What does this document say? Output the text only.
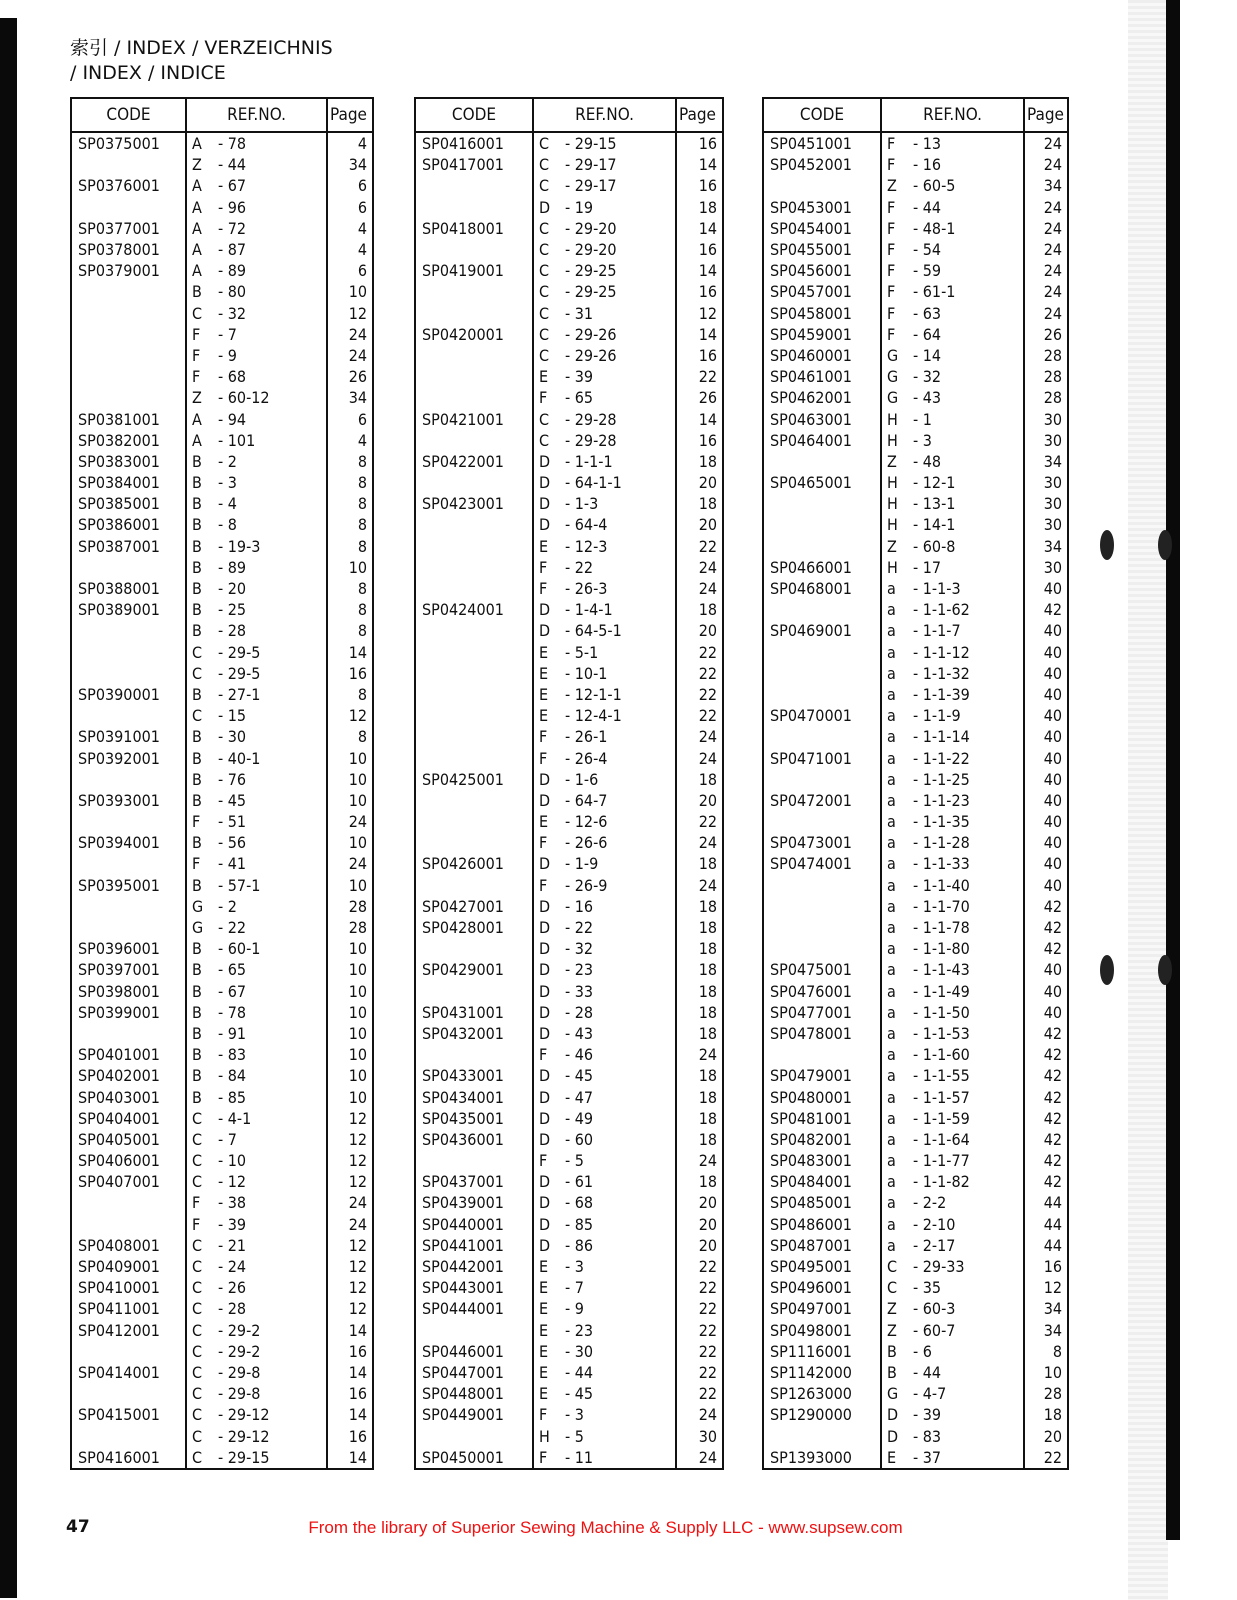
索引 / INDEX / VERZEICHNIS
/ INDEX / INDICE
CODE	REF.NO.		Page
SP0375001	A	- 78	4
	Z	- 44	34
SP0376001	A	- 67	6
	A	- 96	6
SP0377001	A	- 72	4
SP0378001	A	- 87	4
SP0379001	A	- 89	6
	B	- 80	10
	C	- 32	12
	F	- 7	24
	F	- 9	24
	F	- 68	26
	Z	- 60-12	34
SP0381001	A	- 94	6
SP0382001	A	- 101	4
SP0383001	B	- 2	8
SP0384001	B	- 3	8
SP0385001	B	- 4	8
SP0386001	B	- 8	8
SP0387001	B	- 19-3	8
	B	- 89	10
SP0388001	B	- 20	8
SP0389001	B	- 25	8
	B	- 28	8
	C	- 29-5	14
	C	- 29-5	16
SP0390001	B	- 27-1	8
	C	- 15	12
SP0391001	B	- 30	8
SP0392001	B	- 40-1	10
	B	- 76	10
SP0393001	B	- 45	10
	F	- 51	24
SP0394001	B	- 56	10
	F	- 41	24
SP0395001	B	- 57-1	10
	G	- 2	28
	G	- 22	28
SP0396001	B	- 60-1	10
SP0397001	B	- 65	10
SP0398001	B	- 67	10
SP0399001	B	- 78	10
	B	- 91	10
SP0401001	B	- 83	10
SP0402001	B	- 84	10
SP0403001	B	- 85	10
SP0404001	C	- 4-1	12
SP0405001	C	- 7	12
SP0406001	C	- 10	12
SP0407001	C	- 12	12
	F	- 38	24
	F	- 39	24
SP0408001	C	- 21	12
SP0409001	C	- 24	12
SP0410001	C	- 26	12
SP0411001	C	- 28	12
SP0412001	C	- 29-2	14
	C	- 29-2	16
SP0414001	C	- 29-8	14
	C	- 29-8	16
SP0415001	C	- 29-12	14
	C	- 29-12	16
SP0416001	C	- 29-15	14
CODE	REF.NO.		Page
SP0416001	C	- 29-15	16
SP0417001	C	- 29-17	14
	C	- 29-17	16
	D	- 19	18
SP0418001	C	- 29-20	14
	C	- 29-20	16
SP0419001	C	- 29-25	14
	C	- 29-25	16
	C	- 31	12
SP0420001	C	- 29-26	14
	C	- 29-26	16
	E	- 39	22
	F	- 65	26
SP0421001	C	- 29-28	14
	C	- 29-28	16
SP0422001	D	- 1-1-1	18
	D	- 64-1-1	20
SP0423001	D	- 1-3	18
	D	- 64-4	20
	E	- 12-3	22
	F	- 22	24
	F	- 26-3	24
SP0424001	D	- 1-4-1	18
	D	- 64-5-1	20
	E	- 5-1	22
	E	- 10-1	22
	E	- 12-1-1	22
	E	- 12-4-1	22
	F	- 26-1	24
	F	- 26-4	24
SP0425001	D	- 1-6	18
	D	- 64-7	20
	E	- 12-6	22
	F	- 26-6	24
SP0426001	D	- 1-9	18
	F	- 26-9	24
SP0427001	D	- 16	18
SP0428001	D	- 22	18
	D	- 32	18
SP0429001	D	- 23	18
	D	- 33	18
SP0431001	D	- 28	18
SP0432001	D	- 43	18
	F	- 46	24
SP0433001	D	- 45	18
SP0434001	D	- 47	18
SP0435001	D	- 49	18
SP0436001	D	- 60	18
	F	- 5	24
SP0437001	D	- 61	18
SP0439001	D	- 68	20
SP0440001	D	- 85	20
SP0441001	D	- 86	20
SP0442001	E	- 3	22
SP0443001	E	- 7	22
SP0444001	E	- 9	22
	E	- 23	22
SP0446001	E	- 30	22
SP0447001	E	- 44	22
SP0448001	E	- 45	22
SP0449001	F	- 3	24
	H	- 5	30
SP0450001	F	- 11	24
CODE	REF.NO.		Page
SP0451001	F	- 13	24
SP0452001	F	- 16	24
	Z	- 60-5	34
SP0453001	F	- 44	24
SP0454001	F	- 48-1	24
SP0455001	F	- 54	24
SP0456001	F	- 59	24
SP0457001	F	- 61-1	24
SP0458001	F	- 63	24
SP0459001	F	- 64	26
SP0460001	G	- 14	28
SP0461001	G	- 32	28
SP0462001	G	- 43	28
SP0463001	H	- 1	30
SP0464001	H	- 3	30
	Z	- 48	34
SP0465001	H	- 12-1	30
	H	- 13-1	30
	H	- 14-1	30
	Z	- 60-8	34
SP0466001	H	- 17	30
SP0468001	a	- 1-1-3	40
	a	- 1-1-62	42
SP0469001	a	- 1-1-7	40
	a	- 1-1-12	40
	a	- 1-1-32	40
	a	- 1-1-39	40
SP0470001	a	- 1-1-9	40
	a	- 1-1-14	40
SP0471001	a	- 1-1-22	40
	a	- 1-1-25	40
SP0472001	a	- 1-1-23	40
	a	- 1-1-35	40
SP0473001	a	- 1-1-28	40
SP0474001	a	- 1-1-33	40
	a	- 1-1-40	40
	a	- 1-1-70	42
	a	- 1-1-78	42
	a	- 1-1-80	42
SP0475001	a	- 1-1-43	40
SP0476001	a	- 1-1-49	40
SP0477001	a	- 1-1-50	40
SP0478001	a	- 1-1-53	42
	a	- 1-1-60	42
SP0479001	a	- 1-1-55	42
SP0480001	a	- 1-1-57	42
SP0481001	a	- 1-1-59	42
SP0482001	a	- 1-1-64	42
SP0483001	a	- 1-1-77	42
SP0484001	a	- 1-1-82	42
SP0485001	a	- 2-2	44
SP0486001	a	- 2-10	44
SP0487001	a	- 2-17	44
SP0495001	C	- 29-33	16
SP0496001	C	- 35	12
SP0497001	Z	- 60-3	34
SP0498001	Z	- 60-7	34
SP1116001	B	- 6	8
SP1142000	B	- 44	10
SP1263000	G	- 4-7	28
SP1290000	D	- 39	18
	D	- 83	20
SP1393000	E	- 37	22
47	From the library of Superior Sewing Machine & Supply LLC - www.supsew.com
